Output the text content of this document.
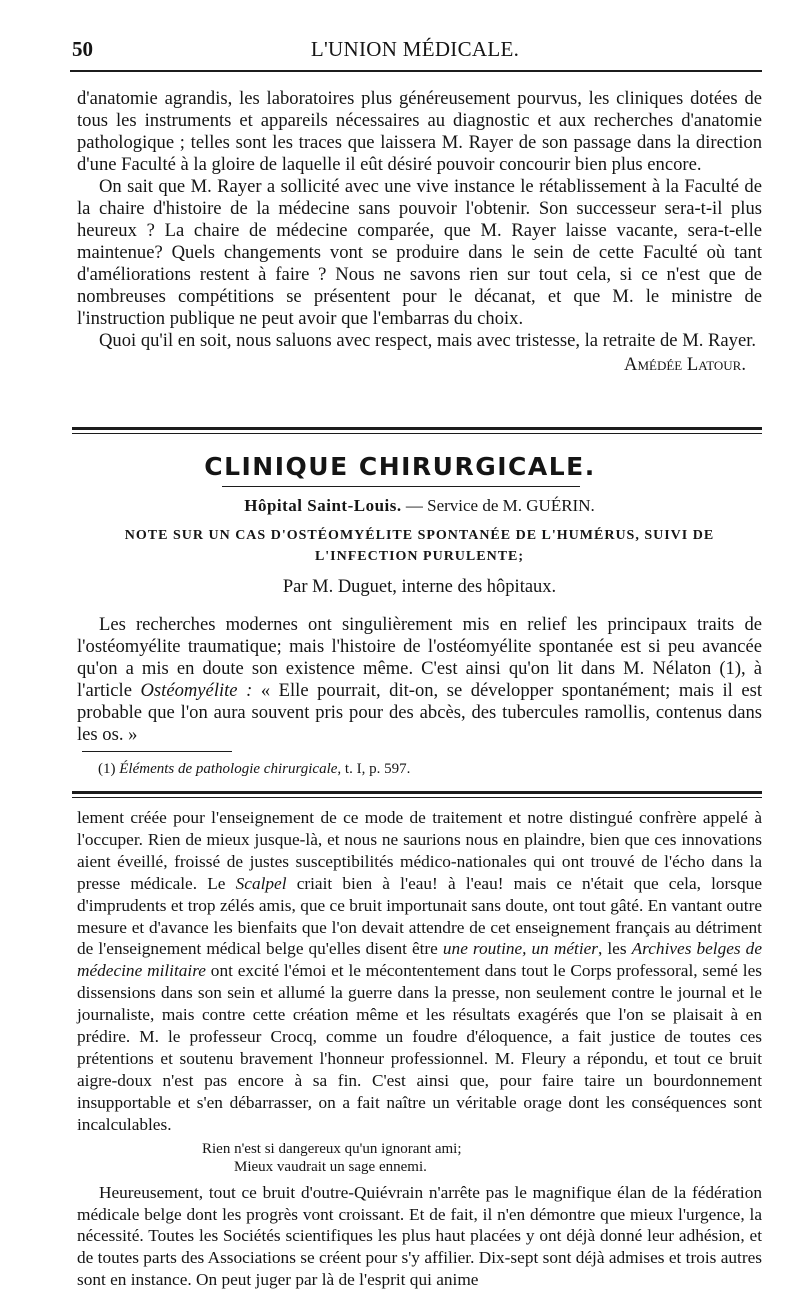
50	L'UNION MÉDICALE.

d'anatomie agrandis, les laboratoires plus généreusement pourvus, les cliniques dotées de tous les instruments et appareils nécessaires au diagnostic et aux recherches d'anatomie pathologique ; telles sont les traces que laissera M. Rayer de son passage dans la direction d'une Faculté à la gloire de laquelle il eût désiré pouvoir concourir bien plus encore.

On sait que M. Rayer a sollicité avec une vive instance le rétablissement à la Faculté de la chaire d'histoire de la médecine sans pouvoir l'obtenir. Son successeur sera-t-il plus heureux ? La chaire de médecine comparée, que M. Rayer laisse vacante, sera-t-elle maintenue? Quels changements vont se produire dans le sein de cette Faculté où tant d'améliorations restent à faire ? Nous ne savons rien sur tout cela, si ce n'est que de nombreuses compétitions se présentent pour le décanat, et que M. le ministre de l'instruction publique ne peut avoir que l'embarras du choix.

Quoi qu'il en soit, nous saluons avec respect, mais avec tristesse, la retraite de M. Rayer.

Amédée Latour.

CLINIQUE CHIRURGICALE.

Hôpital Saint-Louis. — Service de M. GUÉRIN.

NOTE SUR UN CAS D'OSTÉOMYÉLITE SPONTANÉE DE L'HUMÉRUS, SUIVI DE L'INFECTION PURULENTE;

Par M. Duguet, interne des hôpitaux.

Les recherches modernes ont singulièrement mis en relief les principaux traits de l'ostéomyélite traumatique; mais l'histoire de l'ostéomyélite spontanée est si peu avancée qu'on a mis en doute son existence même. C'est ainsi qu'on lit dans M. Nélaton (1), à l'article Ostéomyélite : « Elle pourrait, dit-on, se développer spontanément; mais il est probable que l'on aura souvent pris pour des abcès, des tubercules ramollis, contenus dans les os. »

(1) Éléments de pathologie chirurgicale, t. I, p. 597.

lement créée pour l'enseignement de ce mode de traitement et notre distingué confrère appelé à l'occuper. Rien de mieux jusque-là, et nous ne saurions nous en plaindre, bien que ces innovations aient éveillé, froissé de justes susceptibilités médico-nationales qui ont trouvé de l'écho dans la presse médicale. Le Scalpel criait bien à l'eau! à l'eau! mais ce n'était que cela, lorsque d'imprudents et trop zélés amis, que ce bruit importunait sans doute, ont tout gâté. En vantant outre mesure et d'avance les bienfaits que l'on devait attendre de cet enseignement français au détriment de l'enseignement médical belge qu'elles disent être une routine, un métier, les Archives belges de médecine militaire ont excité l'émoi et le mécontentement dans tout le Corps professoral, semé les dissensions dans son sein et allumé la guerre dans la presse, non seulement contre le journal et le journaliste, mais contre cette création même et les résultats exagérés que l'on se plaisait à en prédire. M. le professeur Crocq, comme un foudre d'éloquence, a fait justice de toutes ces prétentions et soutenu bravement l'honneur professionnel. M. Fleury a répondu, et tout ce bruit aigre-doux n'est pas encore à sa fin. C'est ainsi que, pour faire taire un bourdonnement insupportable et s'en débarrasser, on a fait naître un véritable orage dont les conséquences sont incalculables.

Rien n'est si dangereux qu'un ignorant ami;
Mieux vaudrait un sage ennemi.

Heureusement, tout ce bruit d'outre-Quiévrain n'arrête pas le magnifique élan de la fédération médicale belge dont les progrès vont croissant. Et de fait, il n'en démontre que mieux l'urgence, la nécessité. Toutes les Sociétés scientifiques les plus haut placées y ont déjà donné leur adhésion, et de toutes parts des Associations se créent pour s'y affilier. Dix-sept sont déjà admises et trois autres sont en instance. On peut juger par là de l'esprit qui anime
